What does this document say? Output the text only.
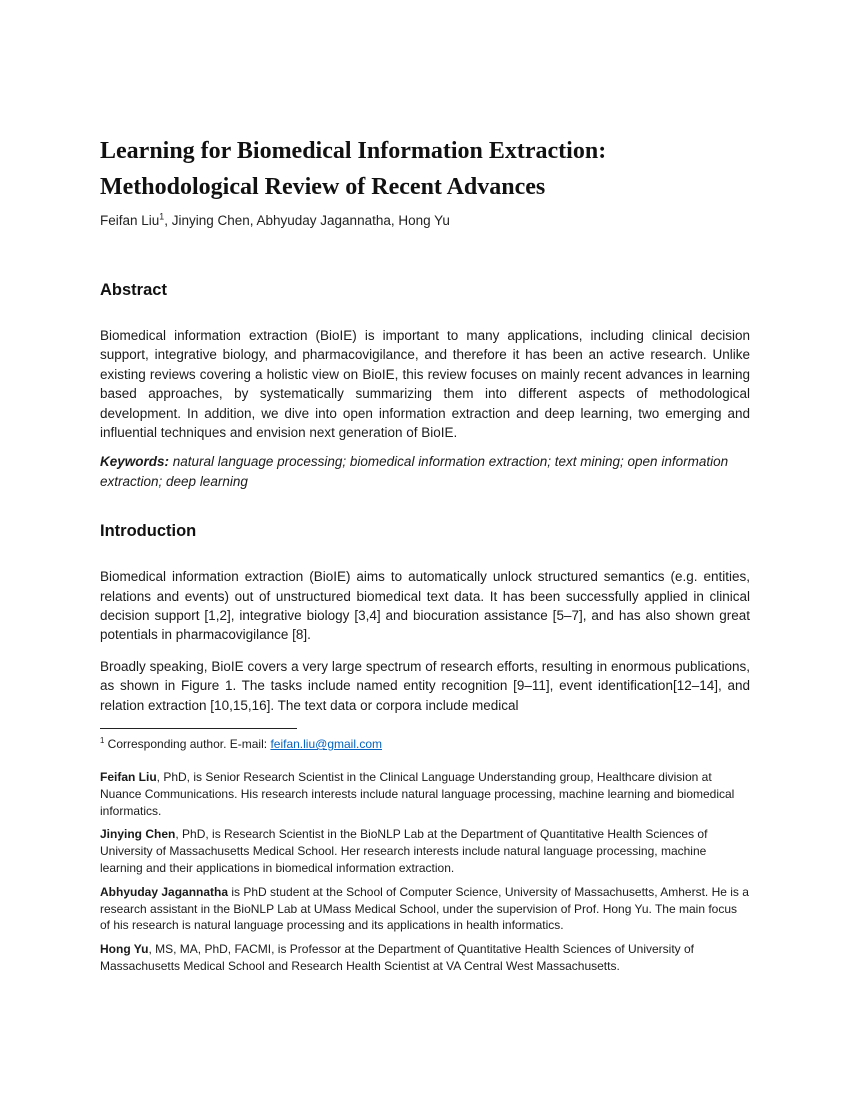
Learning for Biomedical Information Extraction:
Methodological Review of Recent Advances

Feifan Liu$^1$, Jinying Chen, Abhyuday Jagannatha, Hong Yu

Abstract

Biomedical information extraction (BioIE) is important to many applications, including clinical decision support, integrative biology, and pharmacovigilance, and therefore it has been an active research. Unlike existing reviews covering a holistic view on BioIE, this review focuses on mainly recent advances in learning based approaches, by systematically summarizing them into different aspects of methodological development. In addition, we dive into open information extraction and deep learning, two emerging and influential techniques and envision next generation of BioIE.

Keywords: natural language processing; biomedical information extraction; text mining; open information extraction; deep learning

Introduction

Biomedical information extraction (BioIE) aims to automatically unlock structured semantics (e.g. entities, relations and events) out of unstructured biomedical text data. It has been successfully applied in clinical decision support [1,2], integrative biology [3,4] and biocuration assistance [5–7], and has also shown great potentials in pharmacovigilance [8].

Broadly speaking, BioIE covers a very large spectrum of research efforts, resulting in enormous publications, as shown in Figure 1. The tasks include named entity recognition [9–11], event identification[12–14], and relation extraction [10,15,16]. The text data or corpora include medical

$^1$ Corresponding author. E-mail: feifan.liu@gmail.com

Feifan Liu, PhD, is Senior Research Scientist in the Clinical Language Understanding group, Healthcare division at Nuance Communications. His research interests include natural language processing, machine learning and biomedical informatics.

Jinying Chen, PhD, is Research Scientist in the BioNLP Lab at the Department of Quantitative Health Sciences of University of Massachusetts Medical School. Her research interests include natural language processing, machine learning and their applications in biomedical information extraction.

Abhyuday Jagannatha is PhD student at the School of Computer Science, University of Massachusetts, Amherst. He is a research assistant in the BioNLP Lab at UMass Medical School, under the supervision of Prof. Hong Yu. The main focus of his research is natural language processing and its applications in health informatics.

Hong Yu, MS, MA, PhD, FACMI, is Professor at the Department of Quantitative Health Sciences of University of Massachusetts Medical School and Research Health Scientist at VA Central West Massachusetts.
